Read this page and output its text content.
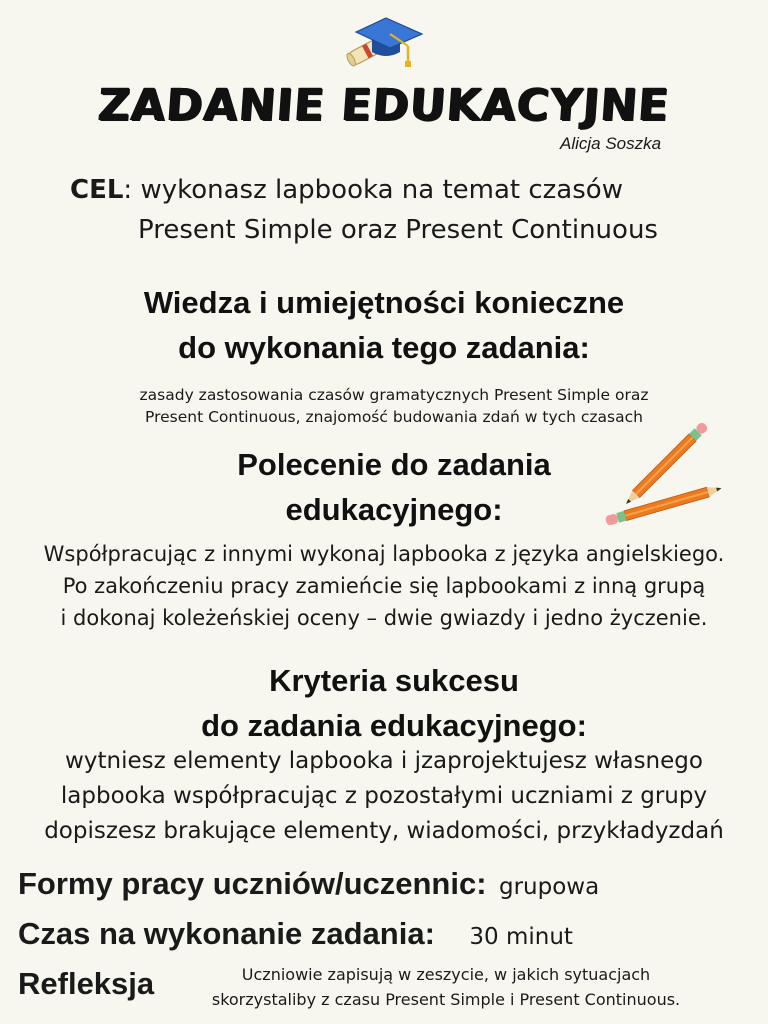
ZADANIE EDUKACYJNE
Alicja Soszka
CEL: wykonasz lapbooka na temat czasów
Present Simple oraz Present Continuous
Wiedza i umiejętności konieczne
do wykonania tego zadania:
zasady zastosowania czasów gramatycznych Present Simple oraz
Present Continuous, znajomość budowania zdań w tych czasach
Polecenie do zadania
edukacyjnego:
Współpracując z innymi wykonaj lapbooka z języka angielskiego.
Po zakończeniu pracy zamieńcie się lapbookami z inną grupą
i dokonaj koleżeńskiej oceny – dwie gwiazdy i jedno życzenie.
Kryteria sukcesu
do zadania edukacyjnego:
wytniesz elementy lapbooka i jzaprojektujesz własnego
lapbooka współpracując z pozostałymi uczniami z grupy
dopiszesz brakujące elementy, wiadomości, przykładyzdań
Formy pracy uczniów/uczennic: grupowa
Czas na wykonanie zadania: 30 minut
Refleksja	Uczniowie zapisują w zeszycie, w jakich sytuacjach
skorzystaliby z czasu Present Simple i Present Continuous.
